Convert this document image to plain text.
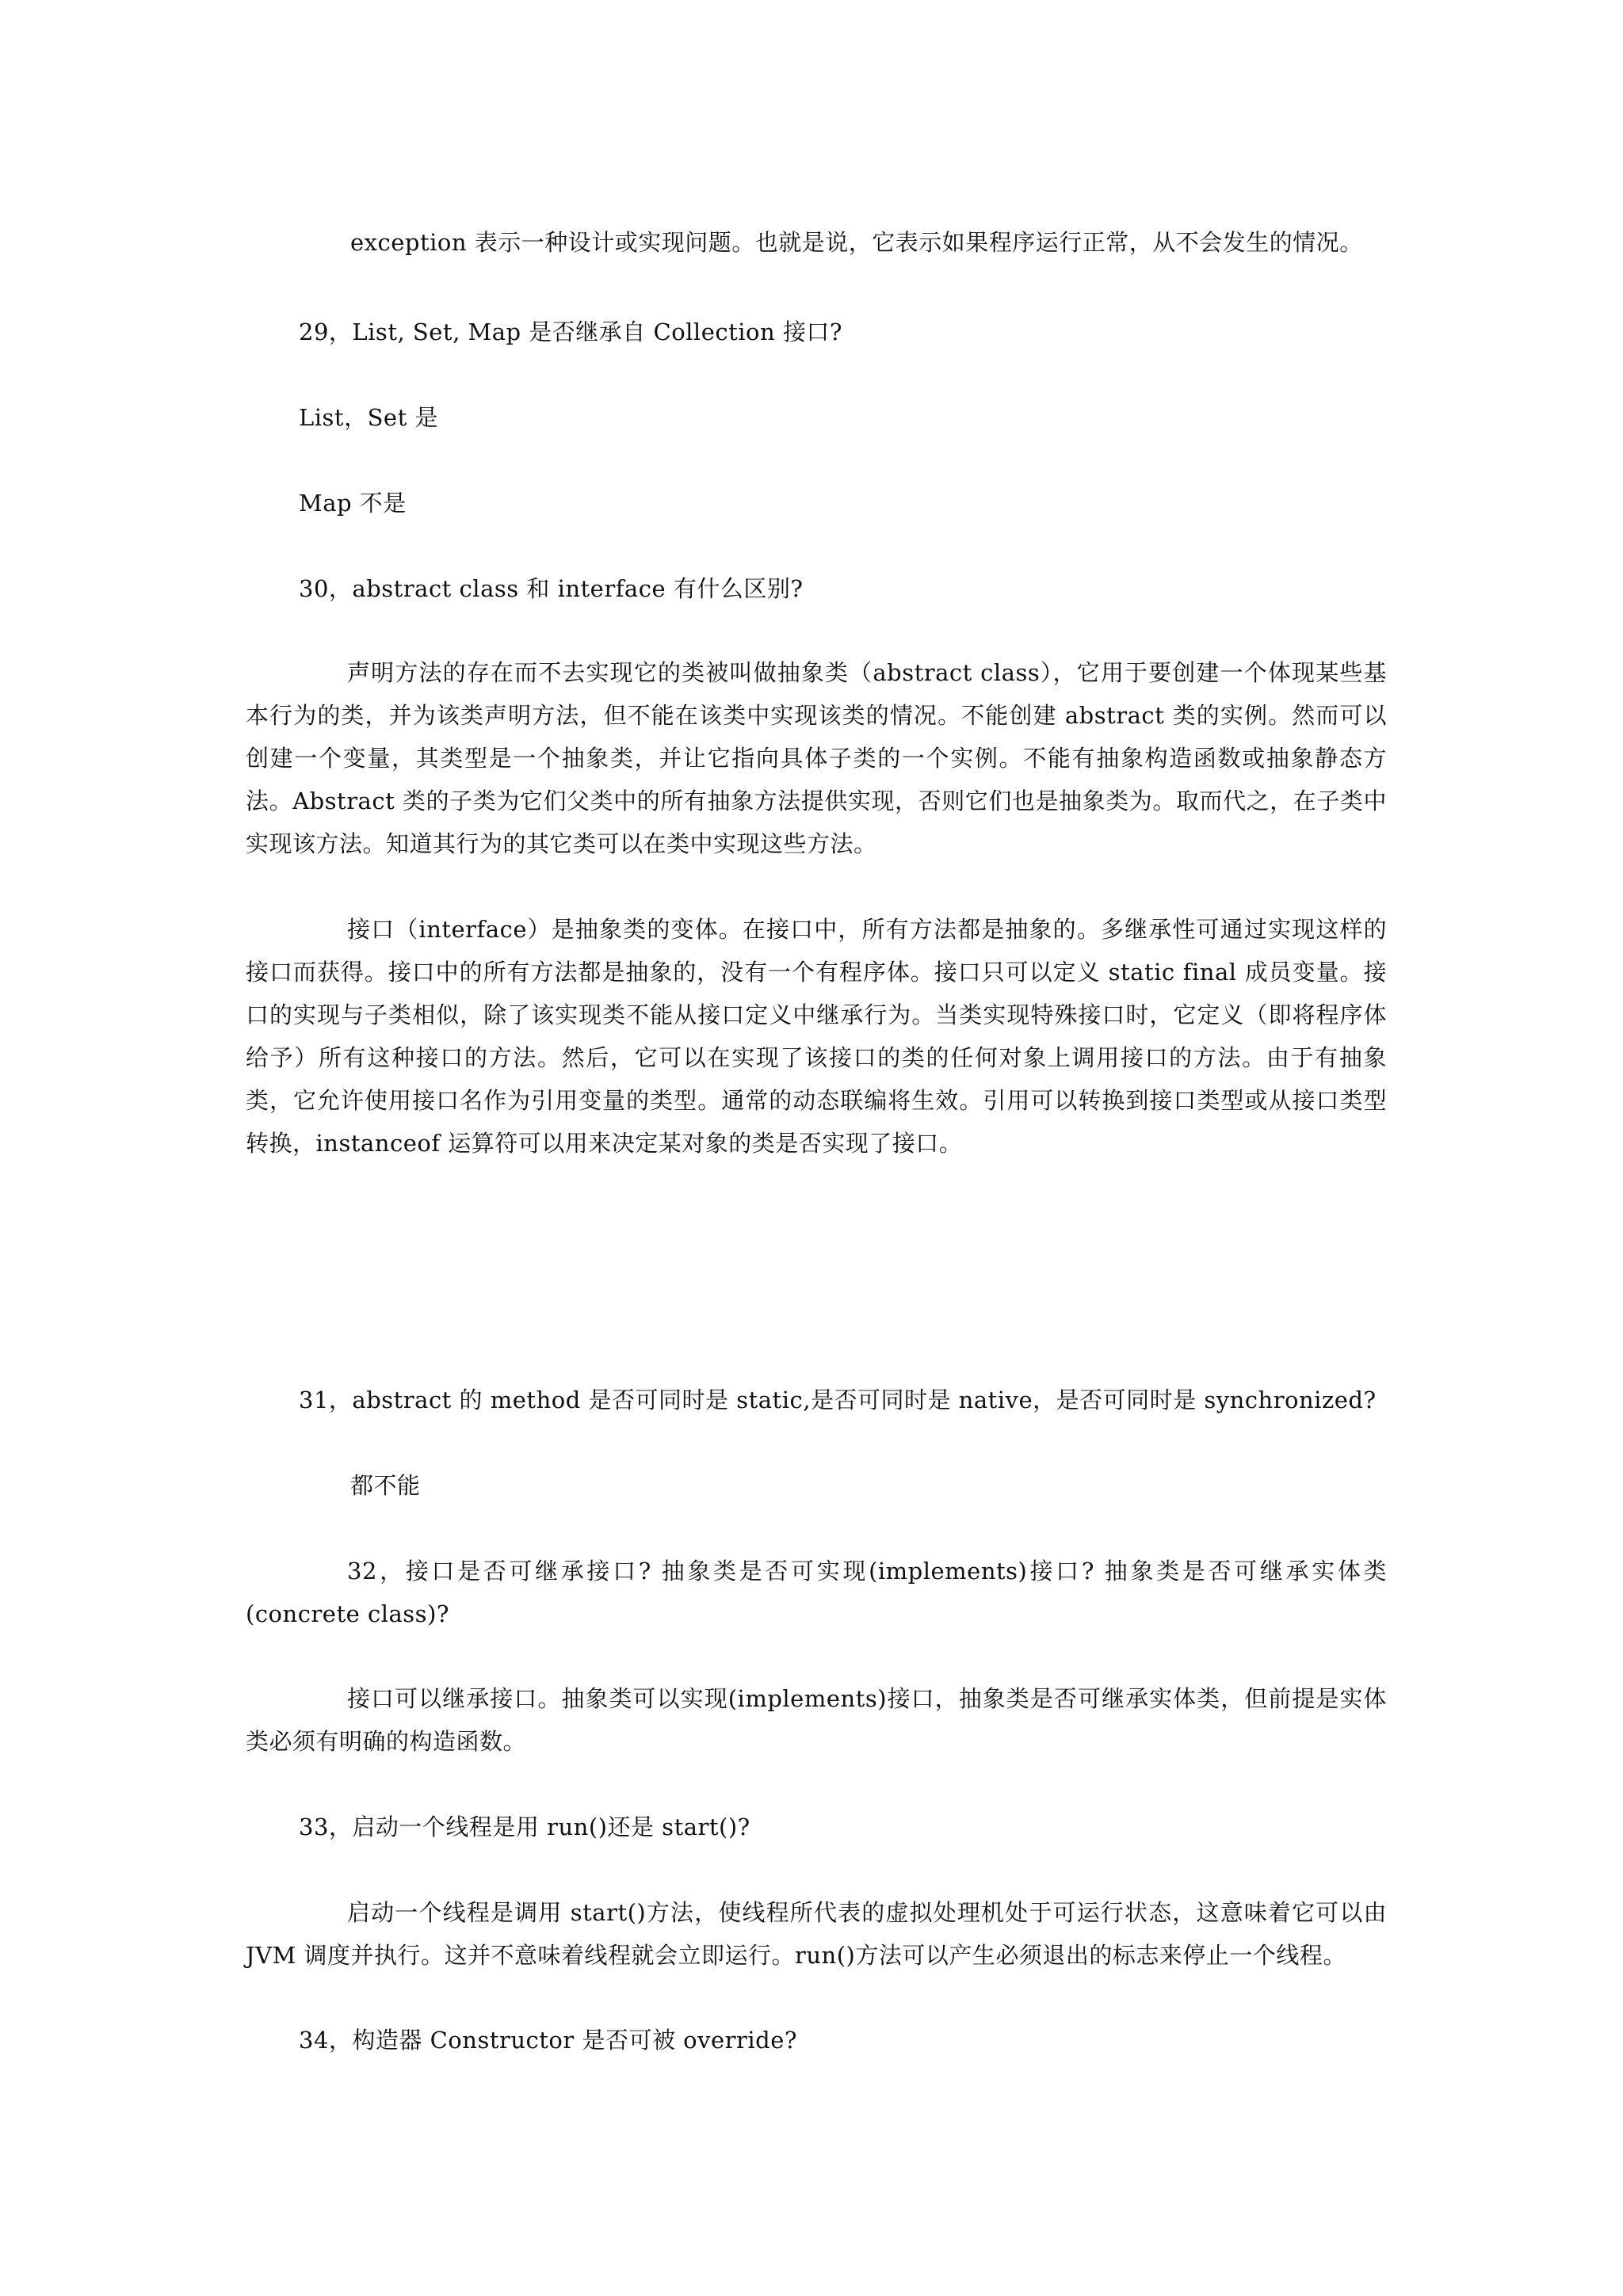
exception 表示一种设计或实现问题。也就是说，它表示如果程序运行正常，从不会发生的情况。

29，List, Set, Map 是否继承自 Collection 接口?

List，Set 是

Map 不是

30，abstract class 和 interface 有什么区别?

声明方法的存在而不去实现它的类被叫做抽象类（abstract class），它用于要创建一个体现某些基本行为的类，并为该类声明方法，但不能在该类中实现该类的情况。不能创建 abstract 类的实例。然而可以创建一个变量，其类型是一个抽象类，并让它指向具体子类的一个实例。不能有抽象构造函数或抽象静态方法。Abstract 类的子类为它们父类中的所有抽象方法提供实现，否则它们也是抽象类为。取而代之，在子类中实现该方法。知道其行为的其它类可以在类中实现这些方法。

接口（interface）是抽象类的变体。在接口中，所有方法都是抽象的。多继承性可通过实现这样的接口而获得。接口中的所有方法都是抽象的，没有一个有程序体。接口只可以定义 static final 成员变量。接口的实现与子类相似，除了该实现类不能从接口定义中继承行为。当类实现特殊接口时，它定义（即将程序体给予）所有这种接口的方法。然后，它可以在实现了该接口的类的任何对象上调用接口的方法。由于有抽象类，它允许使用接口名作为引用变量的类型。通常的动态联编将生效。引用可以转换到接口类型或从接口类型转换，instanceof 运算符可以用来决定某对象的类是否实现了接口。

31，abstract 的 method 是否可同时是 static,是否可同时是 native，是否可同时是 synchronized?

都不能

32，接口是否可继承接口? 抽象类是否可实现(implements)接口? 抽象类是否可继承实体类(concrete class)?

接口可以继承接口。抽象类可以实现(implements)接口，抽象类是否可继承实体类，但前提是实体类必须有明确的构造函数。

33，启动一个线程是用 run()还是 start()?

启动一个线程是调用 start()方法，使线程所代表的虚拟处理机处于可运行状态，这意味着它可以由 JVM 调度并执行。这并不意味着线程就会立即运行。run()方法可以产生必须退出的标志来停止一个线程。

34，构造器 Constructor 是否可被 override?
